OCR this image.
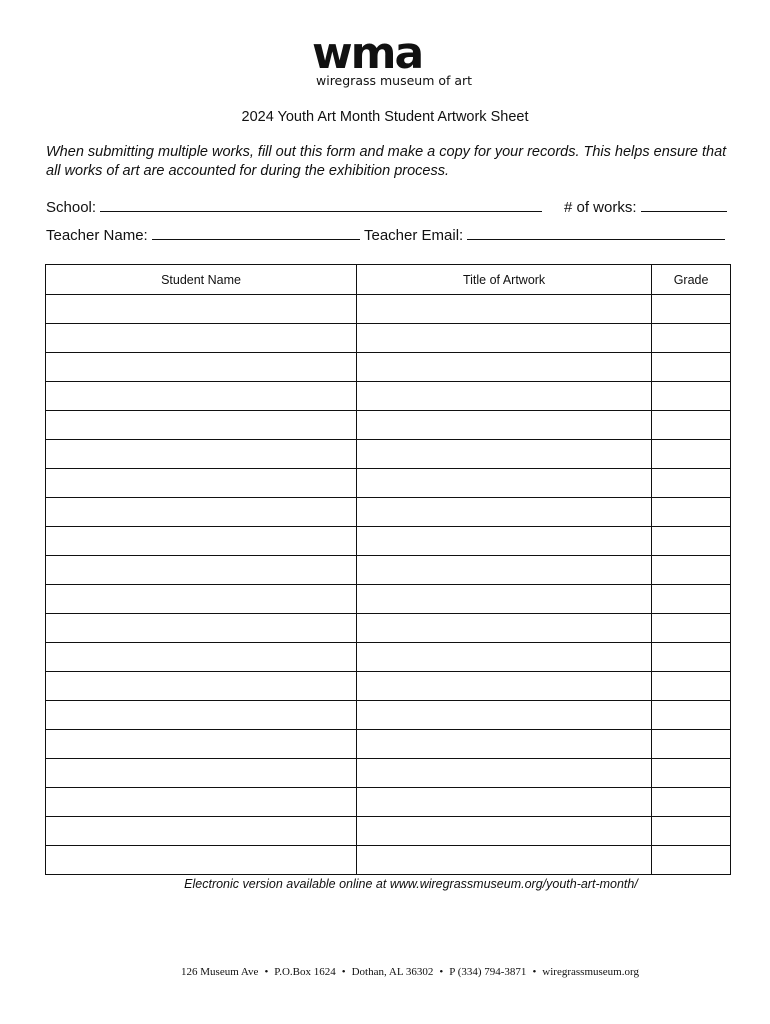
wma
wiregrass museum of art
2024 Youth Art Month Student Artwork Sheet
When submitting multiple works, fill out this form and make a copy for your records. This helps ensure that all works of art are accounted for during the exhibition process.
School:	# of works:
Teacher Name:	Teacher Email:
Student Name	Title of Artwork	Grade

Electronic version available online at www.wiregrassmuseum.org/youth-art-month/
126 Museum Ave • P.O.Box 1624 • Dothan, AL 36302 • P (334) 794-3871 • wiregrassmuseum.org
